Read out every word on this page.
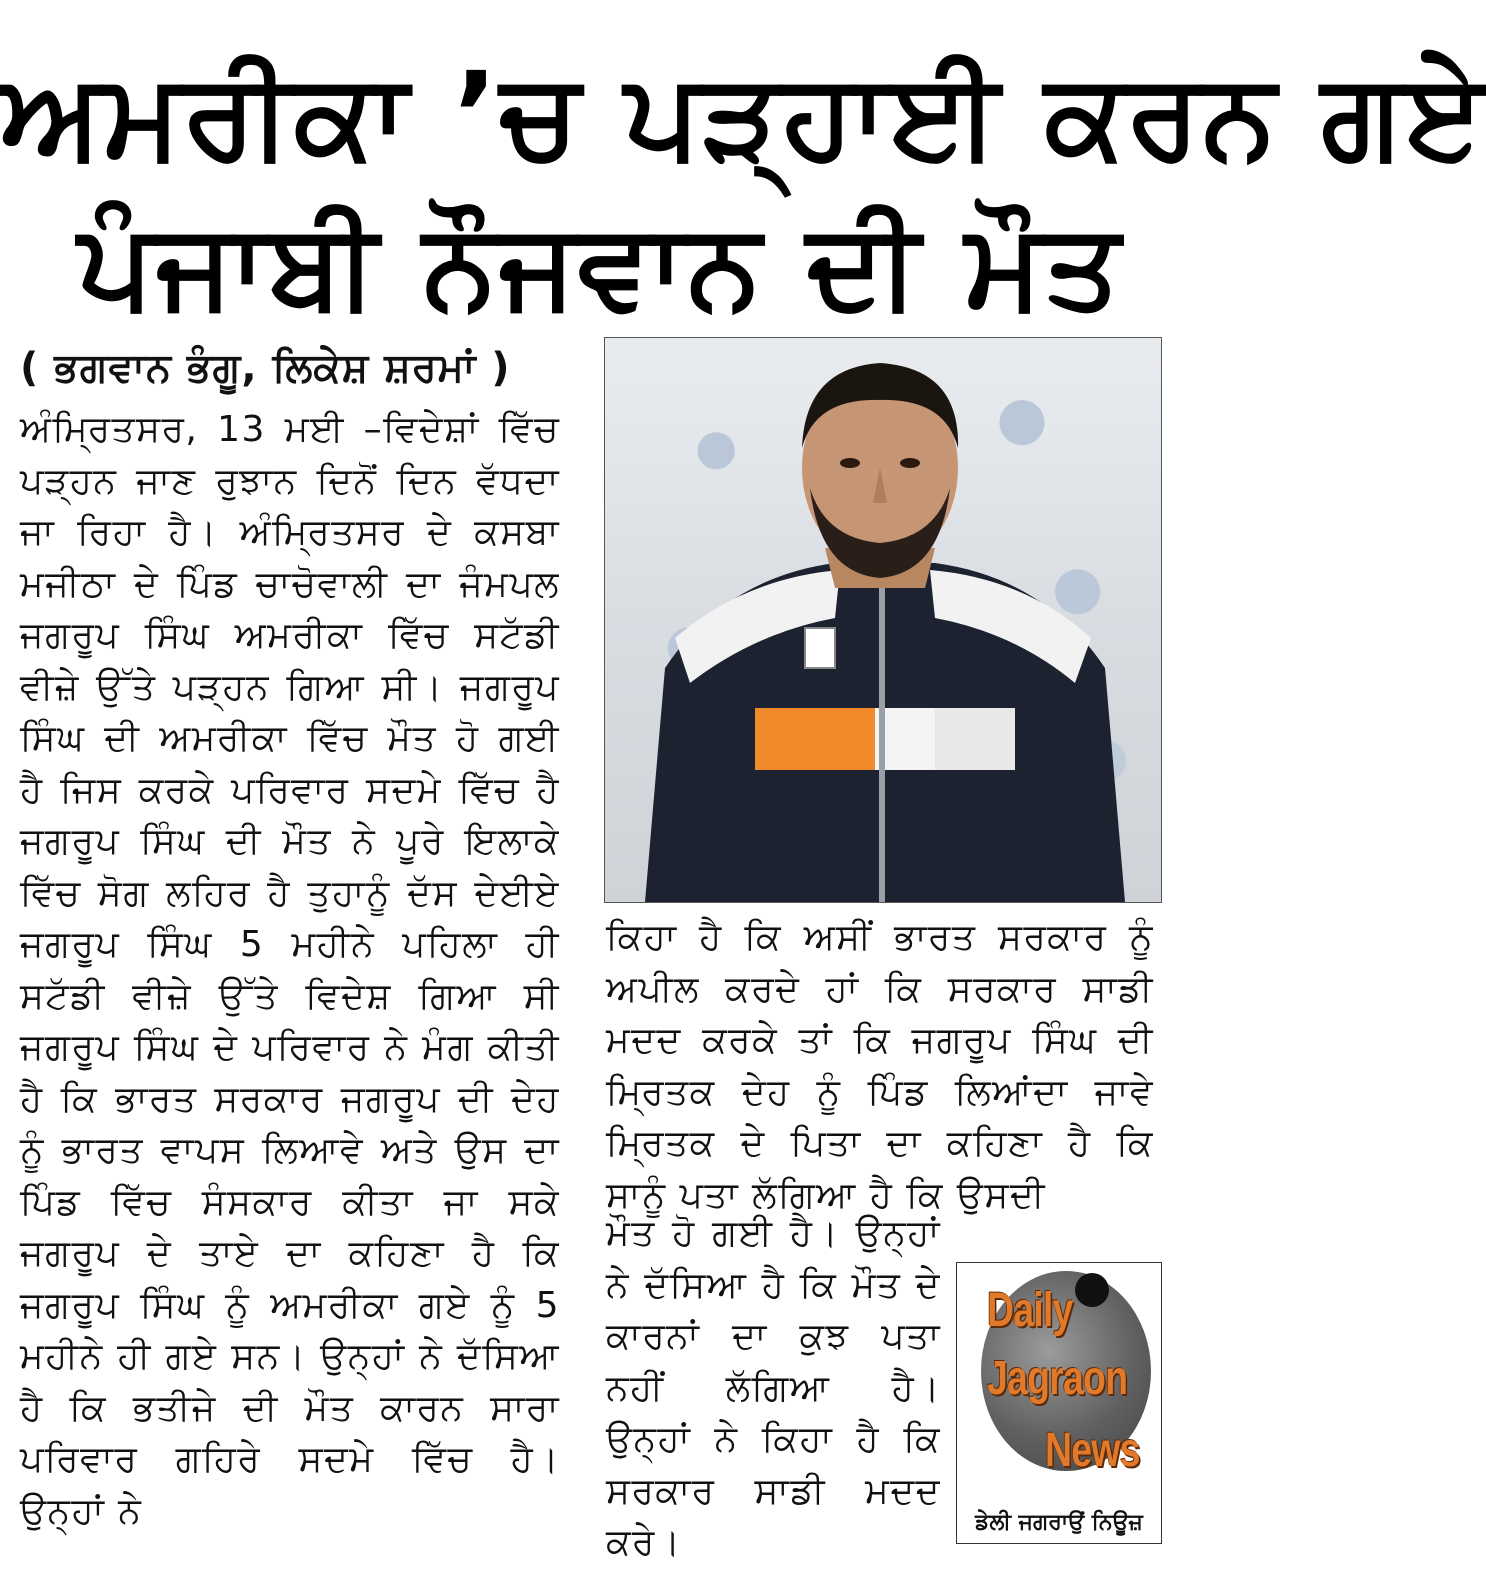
ਅਮਰੀਕਾ ’ਚ ਪੜ੍ਹਾਈ ਕਰਨ ਗਏ
ਪੰਜਾਬੀ ਨੌਜਵਾਨ ਦੀ ਮੌਤ
( ਭਗਵਾਨ ਭੰਗੂ, ਲਿਕੇਸ਼ ਸ਼ਰਮਾਂ )
ਅੰਮ੍ਰਿਤਸਰ, 13 ਮਈ –ਵਿਦੇਸ਼ਾਂ ਵਿੱਚ ਪੜ੍ਹਨ ਜਾਣ ਰੁਝਾਨ ਦਿਨੋਂ ਦਿਨ ਵੱਧਦਾ ਜਾ ਰਿਹਾ ਹੈ। ਅੰਮ੍ਰਿਤਸਰ ਦੇ ਕਸਬਾ ਮਜੀਠਾ ਦੇ ਪਿੰਡ ਚਾਚੋਵਾਲੀ ਦਾ ਜੰਮਪਲ ਜਗਰੂਪ ਸਿੰਘ ਅਮਰੀਕਾ ਵਿੱਚ ਸਟੱਡੀ ਵੀਜ਼ੇ ਉੱਤੇ ਪੜ੍ਹਨ ਗਿਆ ਸੀ। ਜਗਰੂਪ ਸਿੰਘ ਦੀ ਅਮਰੀਕਾ ਵਿੱਚ ਮੌਤ ਹੋ ਗਈ ਹੈ ਜਿਸ ਕਰਕੇ ਪਰਿਵਾਰ ਸਦਮੇ ਵਿੱਚ ਹੈ ਜਗਰੂਪ ਸਿੰਘ ਦੀ ਮੌਤ ਨੇ ਪੂਰੇ ਇਲਾਕੇ ਵਿੱਚ ਸੋਗ ਲਹਿਰ ਹੈ ਤੁਹਾਨੂੰ ਦੱਸ ਦੇਈਏ ਜਗਰੂਪ ਸਿੰਘ 5 ਮਹੀਨੇ ਪਹਿਲਾ ਹੀ ਸਟੱਡੀ ਵੀਜ਼ੇ ਉੱਤੇ ਵਿਦੇਸ਼ ਗਿਆ ਸੀ ਜਗਰੂਪ ਸਿੰਘ ਦੇ ਪਰਿਵਾਰ ਨੇ ਮੰਗ ਕੀਤੀ ਹੈ ਕਿ ਭਾਰਤ ਸਰਕਾਰ ਜਗਰੂਪ ਦੀ ਦੇਹ ਨੂੰ ਭਾਰਤ ਵਾਪਸ ਲਿਆਵੇ ਅਤੇ ਉਸ ਦਾ ਪਿੰਡ ਵਿੱਚ ਸੰਸਕਾਰ ਕੀਤਾ ਜਾ ਸਕੇ ਜਗਰੂਪ ਦੇ ਤਾਏ ਦਾ ਕਹਿਣਾ ਹੈ ਕਿ ਜਗਰੂਪ ਸਿੰਘ ਨੂੰ ਅਮਰੀਕਾ ਗਏ ਨੂੰ 5 ਮਹੀਨੇ ਹੀ ਗਏ ਸਨ। ਉਨ੍ਹਾਂ ਨੇ ਦੱਸਿਆ ਹੈ ਕਿ ਭਤੀਜੇ ਦੀ ਮੌਤ ਕਾਰਨ ਸਾਰਾ ਪਰਿਵਾਰ ਗਹਿਰੇ ਸਦਮੇ ਵਿੱਚ ਹੈ। ਉਨ੍ਹਾਂ ਨੇ
ਕਿਹਾ ਹੈ ਕਿ ਅਸੀਂ ਭਾਰਤ ਸਰਕਾਰ ਨੂੰ ਅਪੀਲ ਕਰਦੇ ਹਾਂ ਕਿ ਸਰਕਾਰ ਸਾਡੀ ਮਦਦ ਕਰਕੇ ਤਾਂ ਕਿ ਜਗਰੂਪ ਸਿੰਘ ਦੀ ਮ੍ਰਿਤਕ ਦੇਹ ਨੂੰ ਪਿੰਡ ਲਿਆਂਦਾ ਜਾਵੇ ਮ੍ਰਿਤਕ ਦੇ ਪਿਤਾ ਦਾ ਕਹਿਣਾ ਹੈ ਕਿ ਸਾਨੂੰ ਪਤਾ ਲੱਗਿਆ ਹੈ ਕਿ ਉਸਦੀ
ਮੌਤ ਹੋ ਗਈ ਹੈ। ਉਨ੍ਹਾਂ ਨੇ ਦੱਸਿਆ ਹੈ ਕਿ ਮੌਤ ਦੇ ਕਾਰਨਾਂ ਦਾ ਕੁਝ ਪਤਾ ਨਹੀਂ ਲੱਗਿਆ ਹੈ। ਉਨ੍ਹਾਂ ਨੇ ਕਿਹਾ ਹੈ ਕਿ ਸਰਕਾਰ ਸਾਡੀ ਮਦਦ ਕਰੇ।
Daily
Jagraon
News
ਡੇਲੀ ਜਗਰਾਉਂ ਨਿਊਜ਼
